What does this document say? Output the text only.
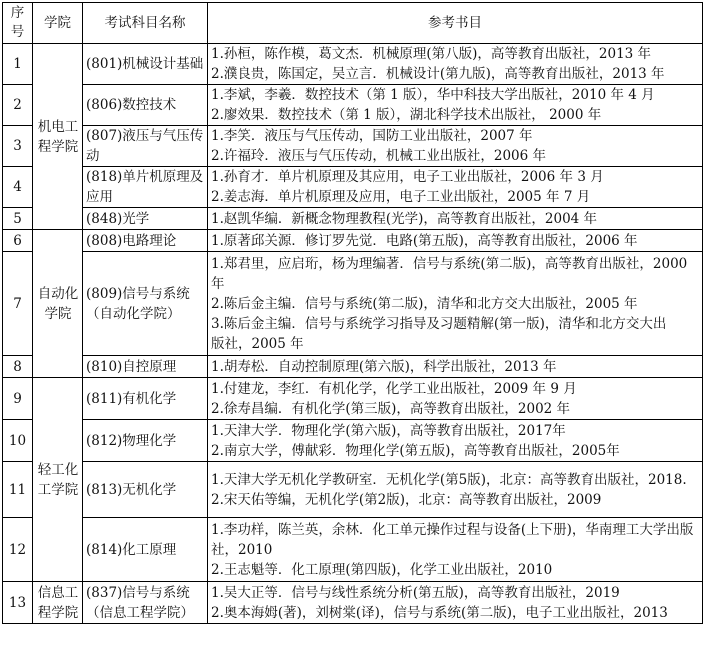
序号	学院	考试科目名称	参考书目
1	机电工程学院	(801)机械设计基础	1.孙桓，陈作模，葛文杰．机械原理(第八版)，高等教育出版社，2013 年
2.濮良贵，陈国定，吴立言．机械设计(第九版)，高等教育出版社，2013 年

2		(806)数控技术	1.李斌，李羲．数控技术（第 1 版），华中科技大学出版社，2010 年 4 月
2.廖效果．数控技术（第 1 版），湖北科学技术出版社， 2000 年

3		(807)液压与气压传动	1.李笑．液压与气压传动，国防工业出版社，2007 年
2.许福玲．液压与气压传动，机械工业出版社，2006 年

4		(818)单片机原理及应用	1.孙育才．单片机原理及其应用，电子工业出版社，2006 年 3 月
2.姜志海．单片机原理及应用，电子工业出版社，2005 年 7 月

5		(848)光学	1.赵凯华编．新概念物理教程(光学)，高等教育出版社，2004 年

6	自动化学院	(808)电路理论	1.原著邱关源．修订罗先觉．电路(第五版)，高等教育出版社，2006 年

7		(809)信号与系统（自动化学院）	1.郑君里，应启珩，杨为理编著．信号与系统(第二版)，高等教育出版社，2000
年
2.陈后金主编．信号与系统(第二版)，清华和北方交大出版社，2005 年
3.陈后金主编．信号与系统学习指导及习题精解(第一版)，清华和北方交大出
版社，2005 年

8		(810)自控原理	1.胡寿松．自动控制原理(第六版)，科学出版社，2013 年

9	轻工化工学院	(811)有机化学	1.付建龙，李红．有机化学，化学工业出版社，2009 年 9 月
2.徐寿昌编．有机化学(第三版)，高等教育出版社，2002 年

10		(812)物理化学	1.天津大学．物理化学(第六版)，高等教育出版社，2017年
2.南京大学，傅献彩．物理化学(第五版)，高等教育出版社，2005年

11		(813)无机化学	1.天津大学无机化学教研室．无机化学(第5版)，北京：高等教育出版社，2018.
2.宋天佑等编，无机化学(第2版)，北京：高等教育出版社，2009

12		(814)化工原理	1.李功样，陈兰英，余林．化工单元操作过程与设备(上下册)，华南理工大学出版
社，2010
2.王志魁等．化工原理(第四版)，化学工业出版社，2010

13	信息工程学院	(837)信号与系统（信息工程学院）	1.吴大正等．信号与线性系统分析(第五版)，高等教育出版社，2019
2.奥本海姆(著)，刘树棠(译)，信号与系统(第二版)，电子工业出版社，2013
